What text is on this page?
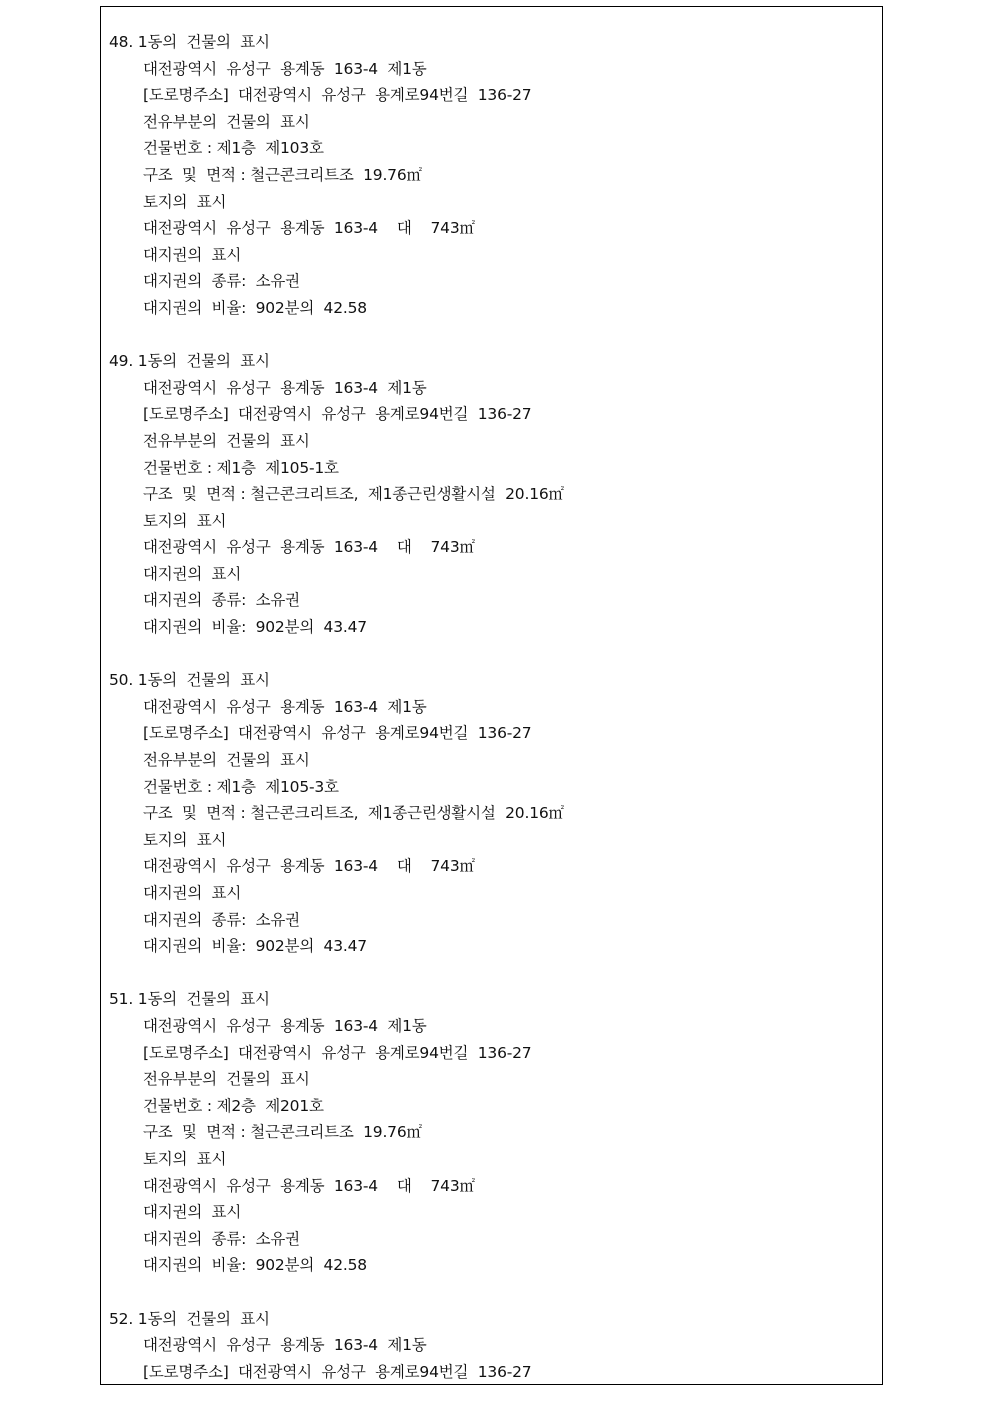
48. 1동의  건물의  표시
대전광역시  유성구  용계동  163-4  제1동
[도로명주소]  대전광역시  유성구  용계로94번길  136-27
전유부분의  건물의  표시
건물번호 : 제1층  제103호
구조  및  면적 : 철근콘크리트조  19.76㎡
토지의  표시
대전광역시  유성구  용계동  163-4    대    743㎡
대지권의  표시
대지권의  종류:  소유권
대지권의  비율:  902분의  42.58
49. 1동의  건물의  표시
대전광역시  유성구  용계동  163-4  제1동
[도로명주소]  대전광역시  유성구  용계로94번길  136-27
전유부분의  건물의  표시
건물번호 : 제1층  제105-1호
구조  및  면적 : 철근콘크리트조,  제1종근린생활시설  20.16㎡
토지의  표시
대전광역시  유성구  용계동  163-4    대    743㎡
대지권의  표시
대지권의  종류:  소유권
대지권의  비율:  902분의  43.47
50. 1동의  건물의  표시
대전광역시  유성구  용계동  163-4  제1동
[도로명주소]  대전광역시  유성구  용계로94번길  136-27
전유부분의  건물의  표시
건물번호 : 제1층  제105-3호
구조  및  면적 : 철근콘크리트조,  제1종근린생활시설  20.16㎡
토지의  표시
대전광역시  유성구  용계동  163-4    대    743㎡
대지권의  표시
대지권의  종류:  소유권
대지권의  비율:  902분의  43.47
51. 1동의  건물의  표시
대전광역시  유성구  용계동  163-4  제1동
[도로명주소]  대전광역시  유성구  용계로94번길  136-27
전유부분의  건물의  표시
건물번호 : 제2층  제201호
구조  및  면적 : 철근콘크리트조  19.76㎡
토지의  표시
대전광역시  유성구  용계동  163-4    대    743㎡
대지권의  표시
대지권의  종류:  소유권
대지권의  비율:  902분의  42.58
52. 1동의  건물의  표시
대전광역시  유성구  용계동  163-4  제1동
[도로명주소]  대전광역시  유성구  용계로94번길  136-27
